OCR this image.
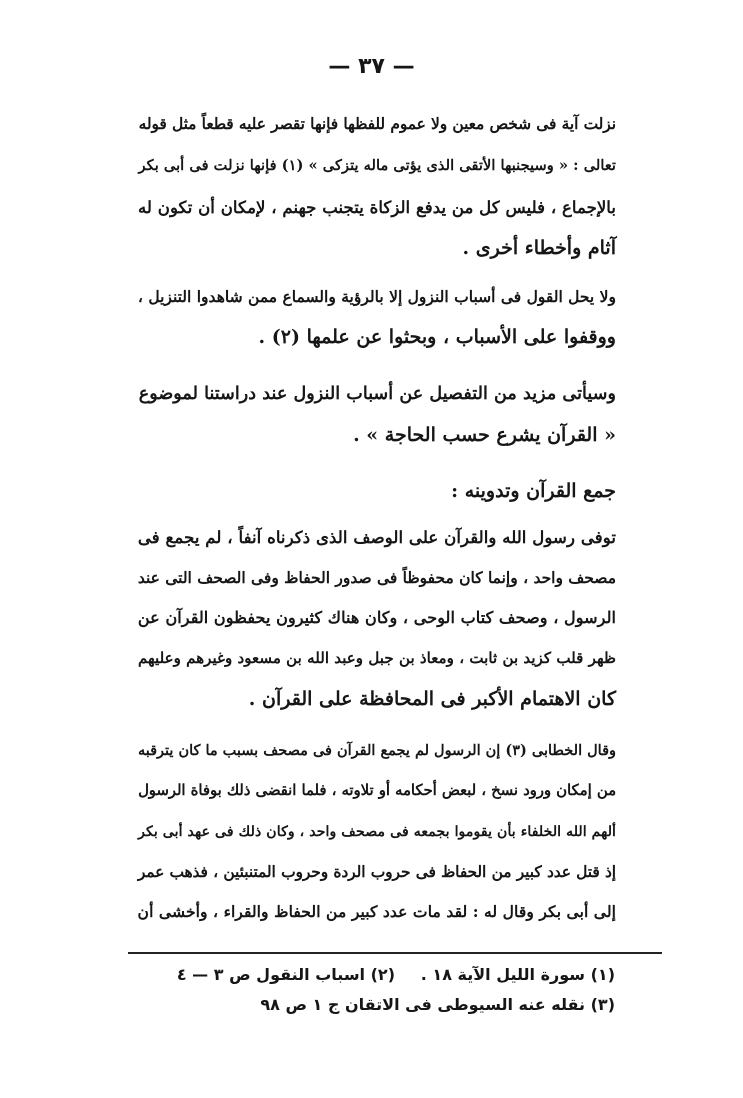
— ٣٧ —
نزلت آية فى شخص معين ولا عموم للفظها فإنها تقصر عليه قطعاً مثل قوله
تعالى : « وسيجنبها الأتقى الذى يؤتى ماله يتزكى » (١) فإنها نزلت فى أبى بكر
بالإجماع ، فليس كل من يدفع الزكاة يتجنب جهنم ، لإمكان أن تكون له
آثام وأخطاء أخرى .
ولا يحل القول فى أسباب النزول إلا بالرؤية والسماع ممن شاهدوا التنزيل ،
ووقفوا على الأسباب ، وبحثوا عن علمها (٢) .
وسيأتى مزيد من التفصيل عن أسباب النزول عند دراستنا لموضوع
« القرآن يشرع حسب الحاجة » .
جمع القرآن وتدوينه :
توفى رسول الله والقرآن على الوصف الذى ذكرناه آنفاً ، لم يجمع فى
مصحف واحد ، وإنما كان محفوظاً فى صدور الحفاظ وفى الصحف التى عند
الرسول ، وصحف كتاب الوحى ، وكان هناك كثيرون يحفظون القرآن عن
ظهر قلب كزيد بن ثابت ، ومعاذ بن جبل وعبد الله بن مسعود وغيرهم وعليهم
كان الاهتمام الأكبر فى المحافظة على القرآن .
وقال الخطابى (٣) إن الرسول لم يجمع القرآن فى مصحف بسبب ما كان يترقبه
من إمكان ورود نسخ ، لبعض أحكامه أو تلاوته ، فلما انقضى ذلك بوفاة الرسول
ألهم الله الخلفاء بأن يقوموا بجمعه فى مصحف واحد ، وكان ذلك فى عهد أبى بكر
إذ قتل عدد كبير من الحفاظ فى حروب الردة وحروب المتنبئين ، فذهب عمر
إلى أبى بكر وقال له : لقد مات عدد كبير من الحفاظ والقراء ، وأخشى أن
(١) سورة الليل الآية ١٨ .
(٢) اسباب النقول ص ٣ — ٤
(٣) نقله عنه السيوطى فى الاتقان ج ١ ص ٩٨
